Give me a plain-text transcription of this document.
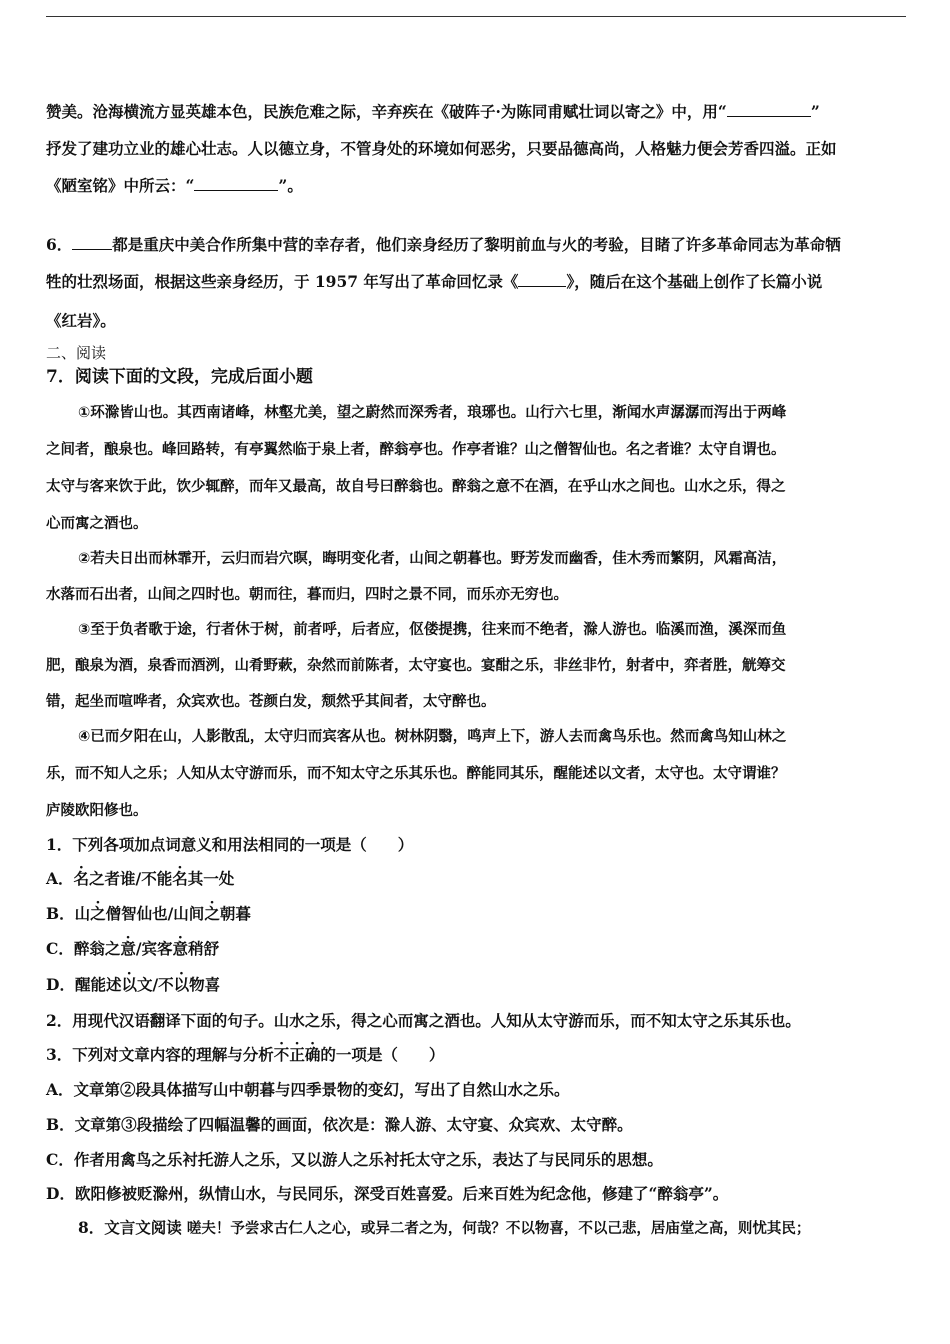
赞美。沧海横流方显英雄本色，民族危难之际，辛弃疾在《破阵子·为陈同甫赋壮词以寄之》中，用“	”
抒发了建功立业的雄心壮志。人以德立身，不管身处的环境如何恶劣，只要品德高尚，人格魅力便会芳香四溢。正如
《陋室铭》中所云：“	”。
6．	都是重庆中美合作所集中营的幸存者，他们亲身经历了黎明前血与火的考验，目睹了许多革命同志为革命牺
牲的壮烈场面，根据这些亲身经历，于 1957 年写出了革命回忆录《	》，随后在这个基础上创作了长篇小说
《红岩》。
二、阅读
7．阅读下面的文段，完成后面小题
①环滁皆山也。其西南诸峰，林壑尤美，望之蔚然而深秀者，琅琊也。山行六七里，渐闻水声潺潺而泻出于两峰
之间者，酿泉也。峰回路转，有亭翼然临于泉上者，醉翁亭也。作亭者谁？山之僧智仙也。名之者谁？太守自谓也。
太守与客来饮于此，饮少辄醉，而年又最高，故自号曰醉翁也。醉翁之意不在酒，在乎山水之间也。山水之乐，得之
心而寓之酒也。
②若夫日出而林霏开，云归而岩穴暝，晦明变化者，山间之朝暮也。野芳发而幽香，佳木秀而繁阴，风霜高洁，
水落而石出者，山间之四时也。朝而往，暮而归，四时之景不同，而乐亦无穷也。
③至于负者歌于途，行者休于树，前者呼，后者应，伛偻提携，往来而不绝者，滁人游也。临溪而渔，溪深而鱼
肥，酿泉为酒，泉香而酒洌，山肴野蔌，杂然而前陈者，太守宴也。宴酣之乐，非丝非竹，射者中，弈者胜，觥筹交
错，起坐而喧哗者，众宾欢也。苍颜白发，颓然乎其间者，太守醉也。
④已而夕阳在山，人影散乱，太守归而宾客从也。树林阴翳，鸣声上下，游人去而禽鸟乐也。然而禽鸟知山林之
乐，而不知人之乐；人知从太守游而乐，而不知太守之乐其乐也。醉能同其乐，醒能述以文者，太守也。太守谓谁？
庐陵欧阳修也。
1．下列各项加点词意义和用法相同的一项是（　　）
A．名之者谁/不能名其一处
B．山之僧智仙也/山间之朝暮
C．醉翁之意/宾客意稍舒
D．醒能述以文/不以物喜
2．用现代汉语翻译下面的句子。山水之乐，得之心而寓之酒也。人知从太守游而乐，而不知太守之乐其乐也。
3．下列对文章内容的理解与分析不正确的一项是（　　）
A．文章第②段具体描写山中朝暮与四季景物的变幻，写出了自然山水之乐。
B．文章第③段描绘了四幅温馨的画面，依次是：滁人游、太守宴、众宾欢、太守醉。
C．作者用禽鸟之乐衬托游人之乐，又以游人之乐衬托太守之乐，表达了与民同乐的思想。
D．欧阳修被贬滁州，纵情山水，与民同乐，深受百姓喜爱。后来百姓为纪念他，修建了“醉翁亭”。
8．文言文阅读 嗟夫！予尝求古仁人之心，或异二者之为，何哉？不以物喜，不以己悲，居庙堂之高，则忧其民；
